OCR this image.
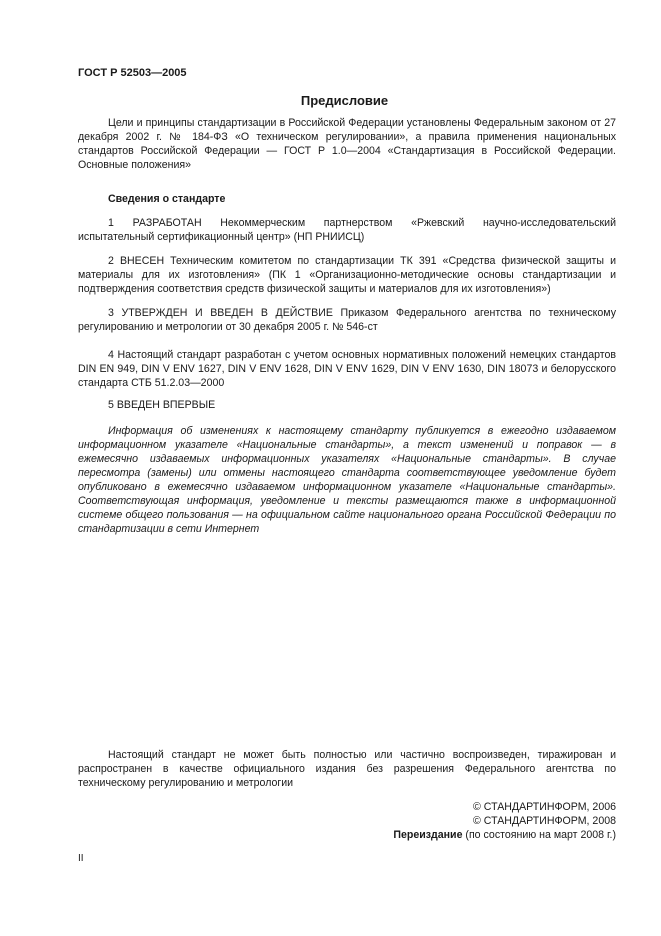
ГОСТ Р 52503—2005
Предисловие

Цели и принципы стандартизации в Российской Федерации установлены Федеральным законом от 27 декабря 2002 г. № 184-ФЗ «О техническом регулировании», а правила применения национальных стандартов Российской Федерации — ГОСТ Р 1.0—2004 «Стандартизация в Российской Федерации. Основные положения»

Сведения о стандарте

1 РАЗРАБОТАН Некоммерческим партнерством «Ржевский научно-исследовательский испытательный сертификационный центр» (НП РНИИСЦ)

2 ВНЕСЕН Техническим комитетом по стандартизации ТК 391 «Средства физической защиты и материалы для их изготовления» (ПК 1 «Организационно-методические основы стандартизации и подтверждения соответствия средств физической защиты и материалов для их изготовления»)

3 УТВЕРЖДЕН И ВВЕДЕН В ДЕЙСТВИЕ Приказом Федерального агентства по техническому регулированию и метрологии от 30 декабря 2005 г. № 546-ст

4 Настоящий стандарт разработан с учетом основных нормативных положений немецких стандартов DIN EN 949, DIN V ENV 1627, DIN V ENV 1628, DIN V ENV 1629, DIN V ENV 1630, DIN 18073 и белорусского стандарта СТБ 51.2.03—2000

5 ВВЕДЕН ВПЕРВЫЕ

Информация об изменениях к настоящему стандарту публикуется в ежегодно издаваемом информационном указателе «Национальные стандарты», а текст изменений и поправок — в ежемесячно издаваемых информационных указателях «Национальные стандарты». В случае пересмотра (замены) или отмены настоящего стандарта соответствующее уведомление будет опубликовано в ежемесячно издаваемом информационном указателе «Национальные стандарты». Соответствующая информация, уведомление и тексты размещаются также в информационной системе общего пользования — на официальном сайте национального органа Российской Федерации по стандартизации в сети Интернет

Настоящий стандарт не может быть полностью или частично воспроизведен, тиражирован и распространен в качестве официального издания без разрешения Федерального агентства по техническому регулированию и метрологии

© СТАНДАРТИНФОРМ, 2006
© СТАНДАРТИНФОРМ, 2008
Переиздание (по состоянию на март 2008 г.)
II
